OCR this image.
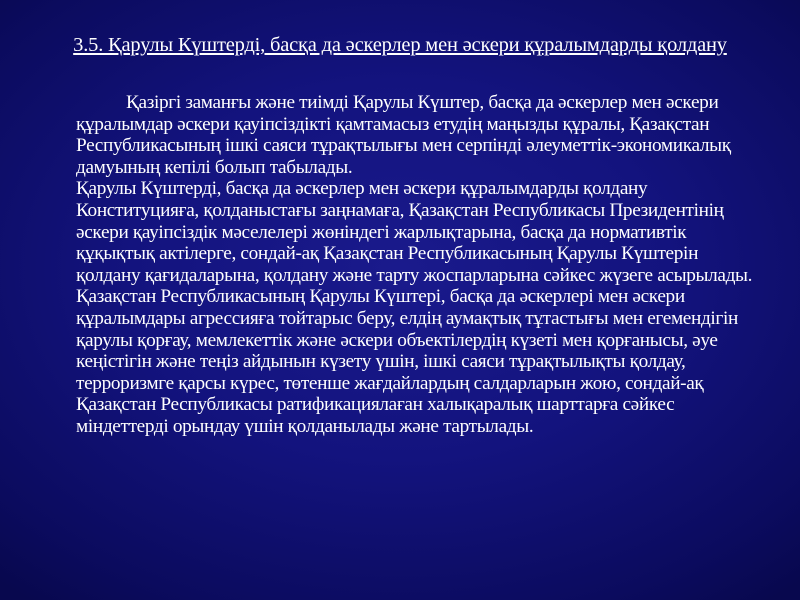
3.5. Қарулы Күштерді, басқа да әскерлер мен әскери құралымдарды қолдану

Қазіргі заманғы және тиімді Қарулы Күштер, басқа да әскерлер мен әскери құралымдар әскери қауіпсіздікті қамтамасыз етудің маңызды құралы, Қазақстан Республикасының ішкі саяси тұрақтылығы мен серпінді әлеуметтік-экономикалық дамуының кепілі болып табылады.

Қарулы Күштерді, басқа да әскерлер мен әскери құралымдарды қолдану Конституцияға, қолданыстағы заңнамаға, Қазақстан Республикасы Президентінің әскери қауіпсіздік мәселелері жөніндегі жарлықтарына, басқа да нормативтік құқықтық актілерге, сондай-ақ Қазақстан Республикасының Қарулы Күштерін қолдану қағидаларына, қолдану және тарту жоспарларына сәйкес жүзеге асырылады.

Қазақстан Республикасының Қарулы Күштері, басқа да әскерлері мен әскери құралымдары агрессияға тойтарыс беру, елдің аумақтық тұтастығы мен егемендігін қарулы қорғау, мемлекеттік және әскери объектілердің күзеті мен қорғанысы, әуе кеңістігін және теңіз айдынын күзету үшін, ішкі саяси тұрақтылықты қолдау, терроризмге қарсы күрес, төтенше жағдайлардың салдарларын жою, сондай-ақ Қазақстан Республикасы ратификациялаған халықаралық шарттарға сәйкес міндеттерді орындау үшін қолданылады және тартылады.
